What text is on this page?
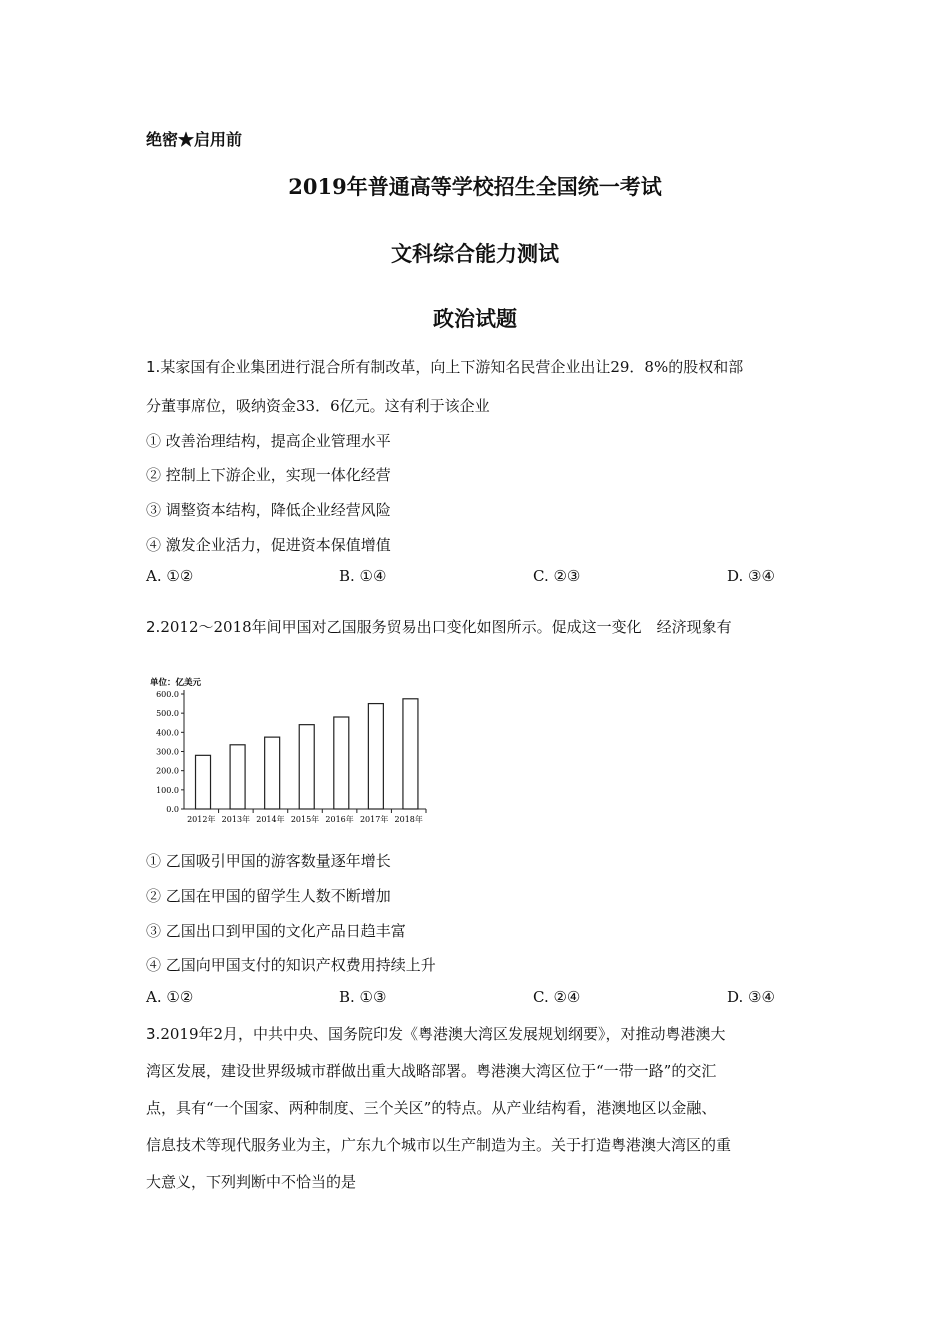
绝密★启用前
2019年普通高等学校招生全国统一考试
文科综合能力测试
政治试题
1.某家国有企业集团进行混合所有制改革，向上下游知名民营企业出让29．8%的股权和部
分董事席位，吸纳资金33．6亿元。这有利于该企业
① 改善治理结构，提高企业管理水平
② 控制上下游企业，实现一体化经营
③ 调整资本结构，降低企业经营风险
④ 激发企业活力，促进资本保值增值
A. ①②	B. ①④	C. ②③	D. ③④
2.2012～2018年间甲国对乙国服务贸易出口变化如图所示。促成这一变化　经济现象有
单位：亿美元
0.0
100.0
200.0
300.0
400.0
500.0
600.0
2012年 2013年 2014年 2015年 2016年 2017年 2018年
① 乙国吸引甲国的游客数量逐年增长
② 乙国在甲国的留学生人数不断增加
③ 乙国出口到甲国的文化产品日趋丰富
④ 乙国向甲国支付的知识产权费用持续上升
A. ①②	B. ①③	C. ②④	D. ③④
3.2019年2月，中共中央、国务院印发《粤港澳大湾区发展规划纲要》，对推动粤港澳大
湾区发展，建设世界级城市群做出重大战略部署。粤港澳大湾区位于“一带一路”的交汇
点，具有“一个国家、两种制度、三个关区”的特点。从产业结构看，港澳地区以金融、
信息技术等现代服务业为主，广东九个城市以生产制造为主。关于打造粤港澳大湾区的重
大意义，下列判断中不恰当的是
